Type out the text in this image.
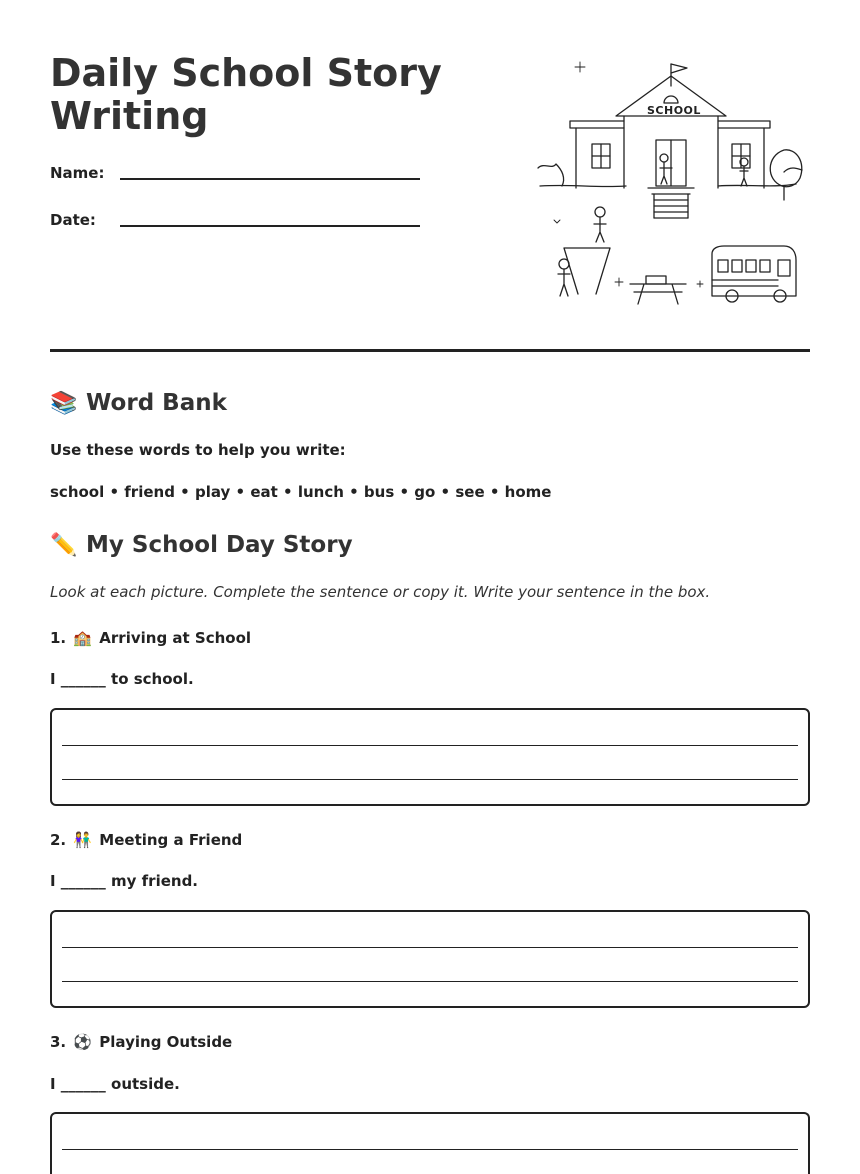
Daily School Story Writing
Name:
Date:
SCHOOL
📚 Word Bank
Use these words to help you write:
school • friend • play • eat • lunch • bus • go • see • home
✏️ My School Day Story
Look at each picture. Complete the sentence or copy it. Write your sentence in the box.
1. 🏫 Arriving at School
I ______ to school.
2. 👫 Meeting a Friend
I ______ my friend.
3. ⚽ Playing Outside
I ______ outside.
